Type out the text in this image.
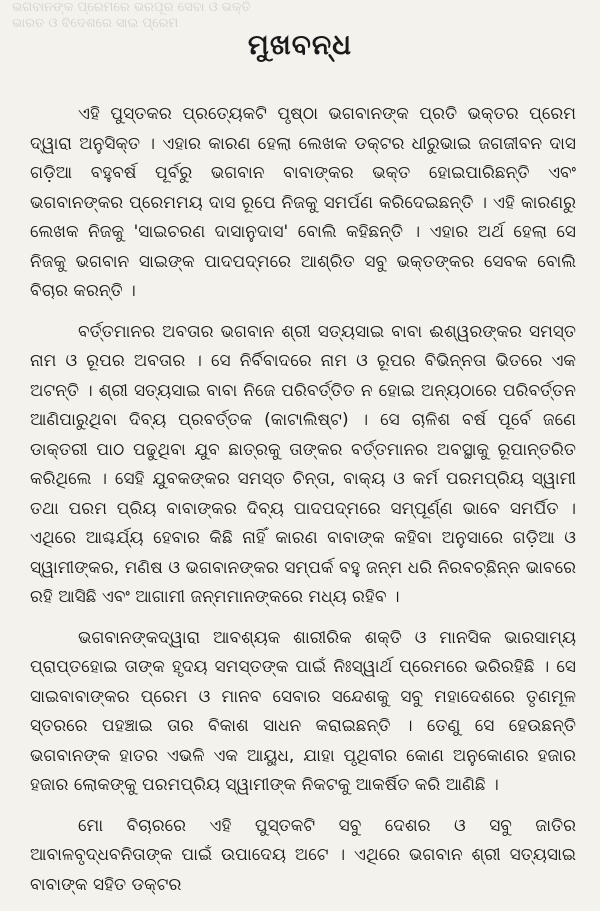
ଭଗବାନଙ୍କ ପ୍ରେମରେ ଭରପୂର ସେବା ଓ ଭକ୍ତି
ଭାରତ ଓ ବିଦେଶରେ ସାଇ ପ୍ରେମ
ମୁଖବନ୍ଧ

ଏହି ପୁସ୍ତକର ପ୍ରତ୍ୟେକଟି ପୃଷ୍ଠା ଭଗବାନଙ୍କ ପ୍ରତି ଭକ୍ତର ପ୍ରେମ ଦ୍ୱାରା ଅନୁସିକ୍ତ । ଏହାର କାରଣ ହେଲା ଲେଖକ ଡକ୍ଟର ଧୀରୁଭାଇ ଜଗଜୀବନ ଦାସ ଗଡ଼ିଆ ବହୁବର୍ଷ ପୂର୍ବରୁ ଭଗବାନ ବାବାଙ୍କର ଭକ୍ତ ହୋଇପାରିଛନ୍ତି ଏବଂ ଭଗବାନଙ୍କର ପ୍ରେମମୟ ଦାସ ରୂପେ ନିଜକୁ ସମର୍ପଣ କରିଦେଇଛନ୍ତି । ଏହି କାରଣରୁ ଲେଖକ ନିଜକୁ 'ସାଇଚରଣ ଦାସାନୁଦାସ' ବୋଲି କହିଛନ୍ତି । ଏହାର ଅର୍ଥ ହେଲା ସେ ନିଜକୁ ଭଗବାନ ସାଇଙ୍କ ପାଦପଦ୍ମରେ ଆଶ୍ରିତ ସବୁ ଭକ୍ତଙ୍କର ସେବକ ବୋଲି ବିଚାର କରନ୍ତି ।

ବର୍ତ୍ତମାନର ଅବତାର ଭଗବାନ ଶ୍ରୀ ସତ୍ୟସାଇ ବାବା ଈଶ୍ୱରଙ୍କର ସମସ୍ତ ନାମ ଓ ରୂପର ଅବତାର । ସେ ନିର୍ବିବାଦରେ ନାମ ଓ ରୂପର ବିଭିନ୍ନତା ଭିତରେ ଏକ ଅଟନ୍ତି । ଶ୍ରୀ ସତ୍ୟସାଇ ବାବା ନିଜେ ପରିବର୍ତ୍ତିତ ନ ହୋଇ ଅନ୍ୟଠାରେ ପରିବର୍ତ୍ତନ ଆଣିପାରୁଥିବା ଦିବ୍ୟ ପ୍ରବର୍ତ୍ତକ (କାଟାଲିଷ୍ଟ) । ସେ ଚାଳିଶ ବର୍ଷ ପୂର୍ବେ ଜଣେ ଡାକ୍ତରୀ ପାଠ ପଢୁଥିବା ଯୁବ ଛାତ୍ରକୁ ତାଙ୍କର ବର୍ତ୍ତମାନର ଅବସ୍ଥାକୁ ରୂପାନ୍ତରିତ କରିଥିଲେ । ସେହି ଯୁବକଙ୍କର ସମସ୍ତ ଚିନ୍ତା, ବାକ୍ୟ ଓ କର୍ମ ପରମପ୍ରିୟ ସ୍ୱାମୀ ତଥା ପରମ ପ୍ରିୟ ବାବାଙ୍କର ଦିବ୍ୟ ପାଦପଦ୍ମରେ ସମ୍ପୂର୍ଣ୍ଣ ଭାବେ ସମର୍ପିତ । ଏଥିରେ ଆଶ୍ଚର୍ଯ୍ୟ ହେବାର କିଛି ନାହିଁ କାରଣ ବାବାଙ୍କ କହିବା ଅନୁସାରେ ଗଡ଼ିଆ ଓ ସ୍ୱାମୀଙ୍କର, ମଣିଷ ଓ ଭଗବାନଙ୍କର ସମ୍ପର୍କ ବହୁ ଜନ୍ମ ଧରି ନିରବଚ୍ଛିନ୍ନ ଭାବରେ ରହି ଆସିଛି ଏବଂ ଆଗାମୀ ଜନ୍ମମାନଙ୍କରେ ମଧ୍ୟ ରହିବ ।

ଭଗବାନଙ୍କଦ୍ୱାରା ଆବଶ୍ୟକ ଶାରୀରିକ ଶକ୍ତି ଓ ମାନସିକ ଭାରସାମ୍ୟ ପ୍ରାପ୍ତହୋଇ ତାଙ୍କ ହୃଦୟ ସମସ୍ତଙ୍କ ପାଇଁ ନିଃସ୍ୱାର୍ଥ ପ୍ରେମରେ ଭରିରହିଛି । ସେ ସାଇବାବାଙ୍କର ପ୍ରେମ ଓ ମାନବ ସେବାର ସନ୍ଦେଶକୁ ସବୁ ମହାଦେଶରେ ତୃଣମୂଳ ସ୍ତରରେ ପହଞ୍ଚାଇ ତାର ବିକାଶ ସାଧନ କରାଇଛନ୍ତି । ତେଣୁ ସେ ହେଉଛନ୍ତି ଭଗବାନଙ୍କ ହାତର ଏଭଳି ଏକ ଆୟୁଧ, ଯାହା ପୃଥିବୀର କୋଣ ଅନୁକୋଣର ହଜାର ହଜାର ଲୋକଙ୍କୁ ପରମପ୍ରିୟ ସ୍ୱାମୀଙ୍କ ନିକଟକୁ ଆକର୍ଷିତ କରି ଆଣିଛି ।

ମୋ ବିଚାରରେ ଏହି ପୁସ୍ତକଟି ସବୁ ଦେଶର ଓ ସବୁ ଜାତିର ଆବାଳବୃଦ୍ଧବନିତାଙ୍କ ପାଇଁ ଉପାଦେୟ ଅଟେ । ଏଥିରେ ଭଗବାନ ଶ୍ରୀ ସତ୍ୟସାଇ ବାବାଙ୍କ ସହିତ ଡକ୍ଟର
